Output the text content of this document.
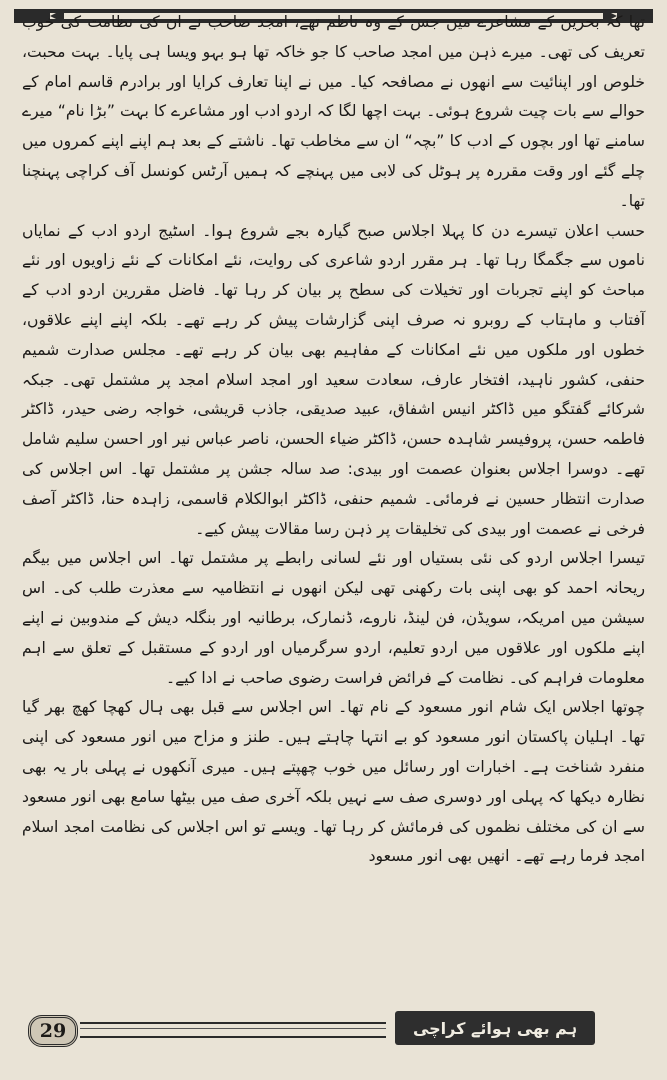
تھا کہ بحرین کے مشاعرے میں جس کے وہ ناظم تھے، امجد صاحب نے ان کی نظامت کی خوب تعریف کی تھی۔ میرے ذہن میں امجد صاحب کا جو خاکہ تھا ہو بہو ویسا ہی پایا۔ بہت محبت، خلوص اور اپنائیت سے انھوں نے مصافحہ کیا۔ میں نے اپنا تعارف کرایا اور برادرم قاسم امام کے حوالے سے بات چیت شروع ہوئی۔ بہت اچھا لگا کہ اردو ادب اور مشاعرے کا بہت ”بڑا نام“ میرے سامنے تھا اور بچوں کے ادب کا ”بچہ“ ان سے مخاطب تھا۔ ناشتے کے بعد ہم اپنے اپنے کمروں میں چلے گئے اور وقت مقررہ پر ہوٹل کی لابی میں پہنچے کہ ہمیں آرٹس کونسل آف کراچی پہنچنا تھا۔

حسب اعلان تیسرے دن کا پہلا اجلاس صبح گیارہ بجے شروع ہوا۔ اسٹیج اردو ادب کے نمایاں ناموں سے جگمگا رہا تھا۔ ہر مقرر اردو شاعری کی روایت، نئے امکانات کے نئے زاویوں اور نئے مباحث کو اپنے تجربات اور تخیلات کی سطح پر بیان کر رہا تھا۔ فاضل مقررین اردو ادب کے آفتاب و ماہتاب کے روبرو نہ صرف اپنی گزارشات پیش کر رہے تھے۔ بلکہ اپنے اپنے علاقوں، خطوں اور ملکوں میں نئے امکانات کے مفاہیم بھی بیان کر رہے تھے۔ مجلس صدارت شمیم حنفی، کشور ناہید، افتخار عارف، سعادت سعید اور امجد اسلام امجد پر مشتمل تھی۔ جبکہ شرکائے گفتگو میں ڈاکٹر انیس اشفاق، عبید صدیقی، جاذب قریشی، خواجہ رضی حیدر، ڈاکٹر فاطمہ حسن، پروفیسر شاہدہ حسن، ڈاکٹر ضیاء الحسن، ناصر عباس نیر اور احسن سلیم شامل تھے۔ دوسرا اجلاس بعنوان عصمت اور بیدی: صد سالہ جشن پر مشتمل تھا۔ اس اجلاس کی صدارت انتظار حسین نے فرمائی۔ شمیم حنفی، ڈاکٹر ابوالکلام قاسمی، زاہدہ حنا، ڈاکٹر آصف فرخی نے عصمت اور بیدی کی تخلیقات پر ذہن رسا مقالات پیش کیے۔

تیسرا اجلاس اردو کی نئی بستیاں اور نئے لسانی رابطے پر مشتمل تھا۔ اس اجلاس میں بیگم ریحانہ احمد کو بھی اپنی بات رکھنی تھی لیکن انھوں نے انتظامیہ سے معذرت طلب کی۔ اس سیشن میں امریکہ، سویڈن، فن لینڈ، ناروے، ڈنمارک، برطانیہ اور بنگلہ دیش کے مندوبین نے اپنے اپنے ملکوں اور علاقوں میں اردو تعلیم، اردو سرگرمیاں اور اردو کے مستقبل کے تعلق سے اہم معلومات فراہم کی۔ نظامت کے فرائض فراست رضوی صاحب نے ادا کیے۔

چوتھا اجلاس ایک شام انور مسعود کے نام تھا۔ اس اجلاس سے قبل بھی ہال کھچا کھچ بھر گیا تھا۔ اہلیان پاکستان انور مسعود کو بے انتہا چاہتے ہیں۔ طنز و مزاح میں انور مسعود کی اپنی منفرد شناخت ہے۔ اخبارات اور رسائل میں خوب چھپتے ہیں۔ میری آنکھوں نے پہلی بار یہ بھی نظارہ دیکھا کہ پہلی اور دوسری صف سے نہیں بلکہ آخری صف میں بیٹھا سامع بھی انور مسعود سے ان کی مختلف نظموں کی فرمائش کر رہا تھا۔ ویسے تو اس اجلاس کی نظامت امجد اسلام امجد فرما رہے تھے۔ انھیں بھی انور مسعود

29	ہم بھی ہوائے کراچی
